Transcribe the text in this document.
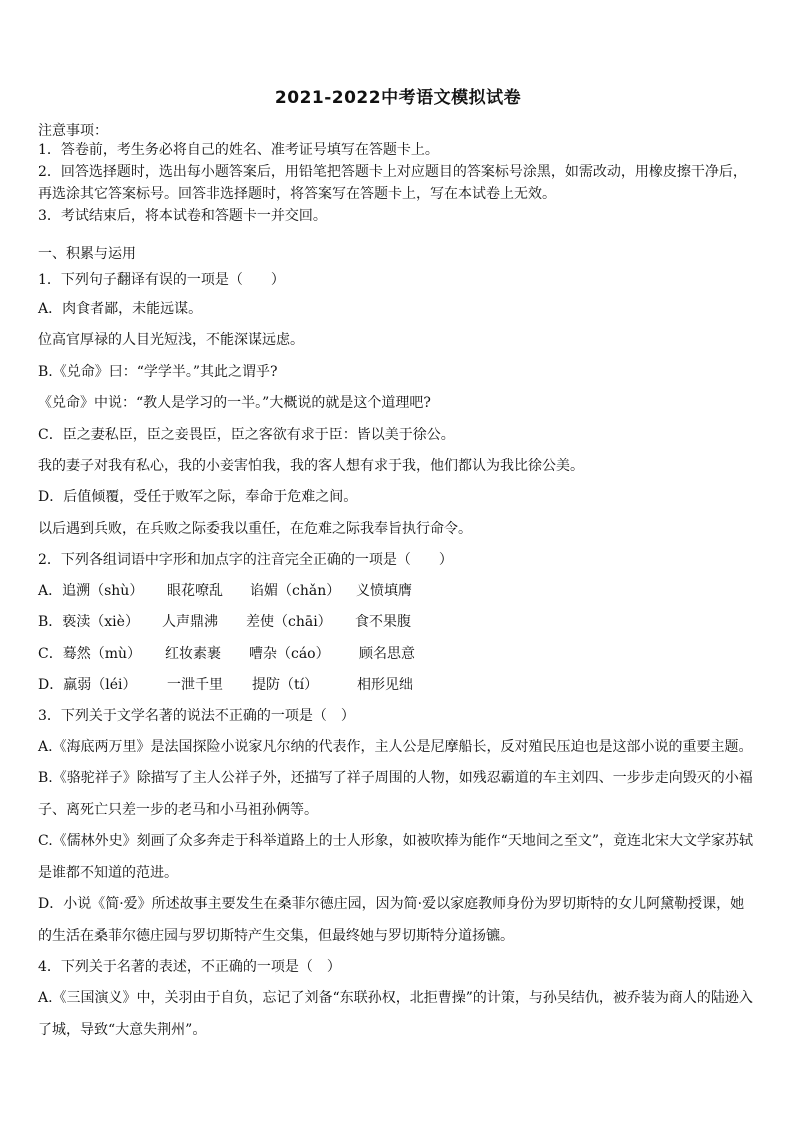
2021-2022中考语文模拟试卷
注意事项：
1．答卷前，考生务必将自己的姓名、准考证号填写在答题卡上。
2．回答选择题时，选出每小题答案后，用铅笔把答题卡上对应题目的答案标号涂黑，如需改动，用橡皮擦干净后，再选涂其它答案标号。回答非选择题时，将答案写在答题卡上，写在本试卷上无效。
3．考试结束后，将本试卷和答题卡一并交回。
一、积累与运用
1．下列句子翻译有误的一项是（　　）
A．肉食者鄙，未能远谋。
位高官厚禄的人目光短浅，不能深谋远虑。
B.《兑命》曰：“学学半。”其此之谓乎?
《兑命》中说：“教人是学习的一半。”大概说的就是这个道理吧?
C．臣之妻私臣，臣之妾畏臣，臣之客欲有求于臣：皆以美于徐公。
我的妻子对我有私心，我的小妾害怕我，我的客人想有求于我，他们都认为我比徐公美。
D．后值倾覆，受任于败军之际，奉命于危难之间。
以后遇到兵败，在兵败之际委我以重任，在危难之际我奉旨执行命令。
2．下列各组词语中字形和加点字的注音完全正确的一项是（　　）
A．追溯（shù） 眼花嘹乱 谄媚（chǎn） 义愤填膺
B．亵渎（xiè） 人声鼎沸 差使（chāi） 食不果腹
C．蓦然（mù） 红妆素裹 嘈杂（cáo） 顾名思意
D．羸弱（léi） 一泄千里 提防（tí）	相形见绌
3．下列关于文学名著的说法不正确的一项是（　）
A.《海底两万里》是法国探险小说家凡尔纳的代表作，主人公是尼摩船长，反对殖民压迫也是这部小说的重要主题。
B.《骆驼祥子》除描写了主人公祥子外，还描写了祥子周围的人物，如残忍霸道的车主刘四、一步步走向毁灭的小福子、离死亡只差一步的老马和小马祖孙俩等。
C.《儒林外史》刻画了众多奔走于科举道路上的士人形象，如被吹捧为能作“天地间之至文”，竟连北宋大文学家苏轼是谁都不知道的范进。
D．小说《简·爱》所述故事主要发生在桑菲尔德庄园，因为简·爱以家庭教师身份为罗切斯特的女儿阿黛勒授课，她的生活在桑菲尔德庄园与罗切斯特产生交集，但最终她与罗切斯特分道扬镳。
4．下列关于名著的表述，不正确的一项是（　）
A.《三国演义》中，关羽由于自负，忘记了刘备“东联孙权，北拒曹操”的计策，与孙吴结仇，被乔装为商人的陆逊入了城，导致“大意失荆州”。
